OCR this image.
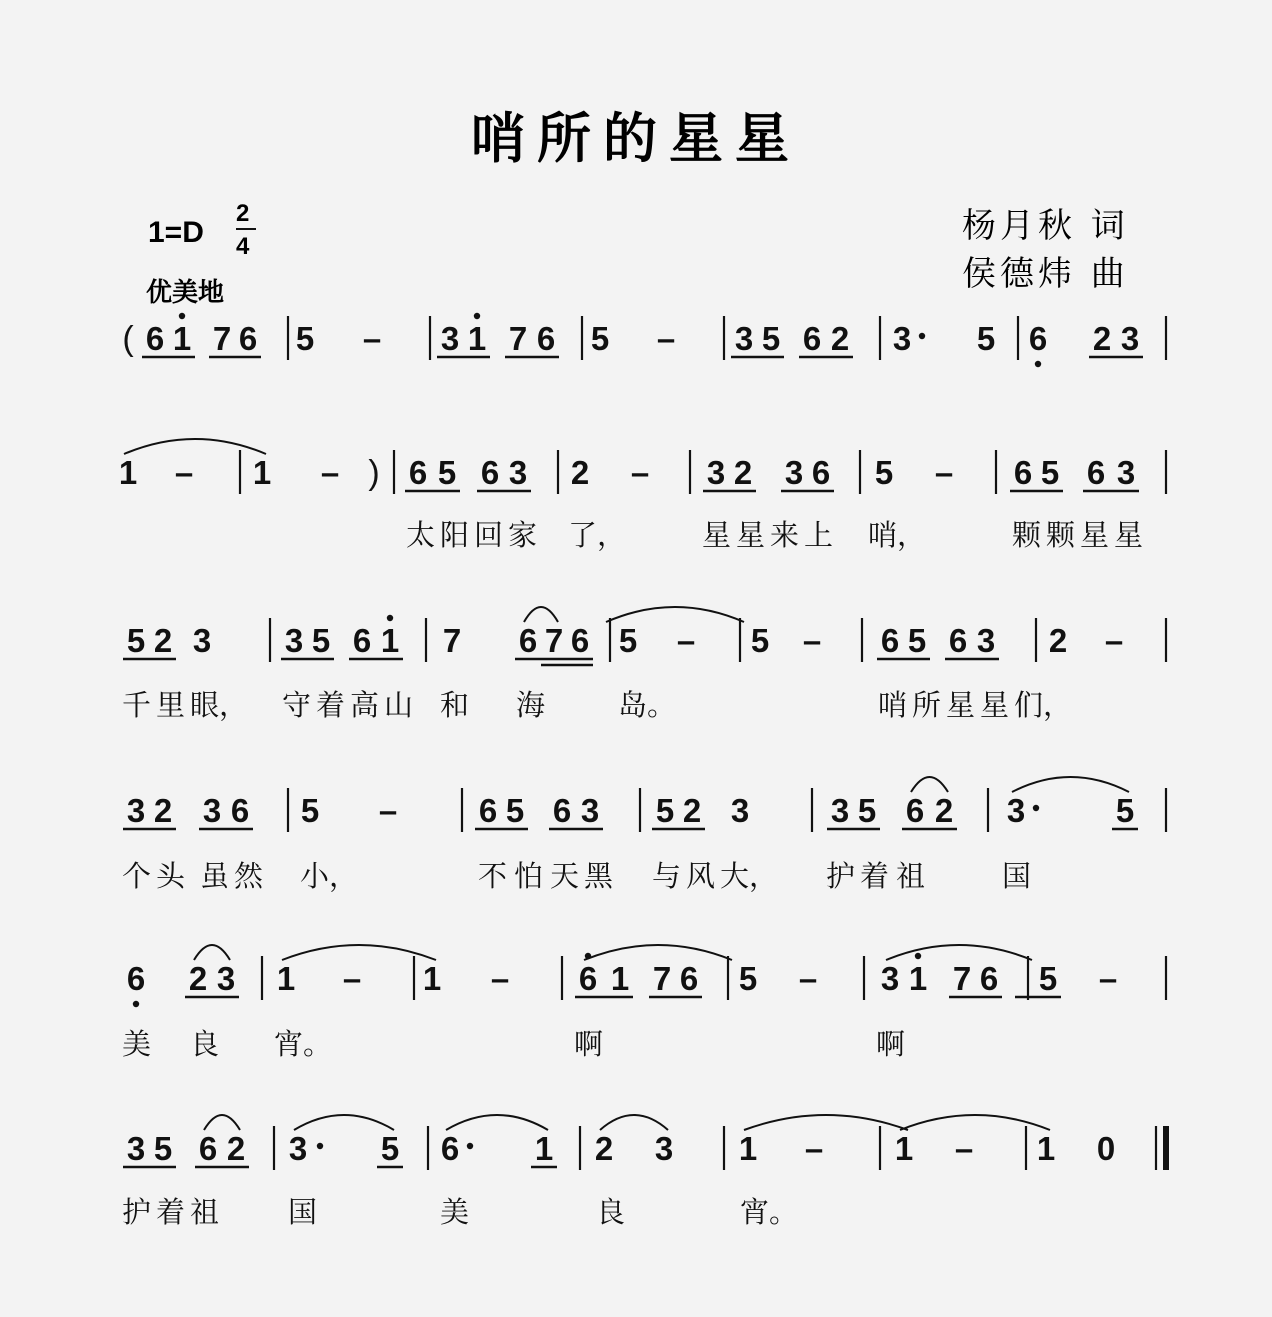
哨所的星星
杨月秋 词
侯德炜 曲
1=D
2
4
优美地
( 6 1 7 6 5 – 3 1 7 6 5 – 3 5 6 2 3 5 6 2 3
1 – 1 – ) 6 5 6 3 2 – 3 2 3 6 5 – 6 5 6 3
太 阳 回 家 了，	星 星 来 上 哨，	颗 颗 星 星
5 2 3 3 5 6 1 7 6 7 6 5 – 5 – 6 5 6 3 2 –
千 里 眼， 守 着 高 山 和 海	岛。	哨 所 星 星 们，
3 2 3 6 5 – 6 5 6 3 5 2 3 3 5 6 2 3	5
个 头 虽 然 小，	不 怕 天 黑 与 风 大， 护 着 祖	国
6 2 3 1 – 1 – 6 1 7 6 5 – 3 1 7 6 5 –
美 良 宵。	啊	啊
3 5 6 2 3 5 6 1 2 3 1 – 1 – 1 0
护 着 祖 国	美	良	宵。
